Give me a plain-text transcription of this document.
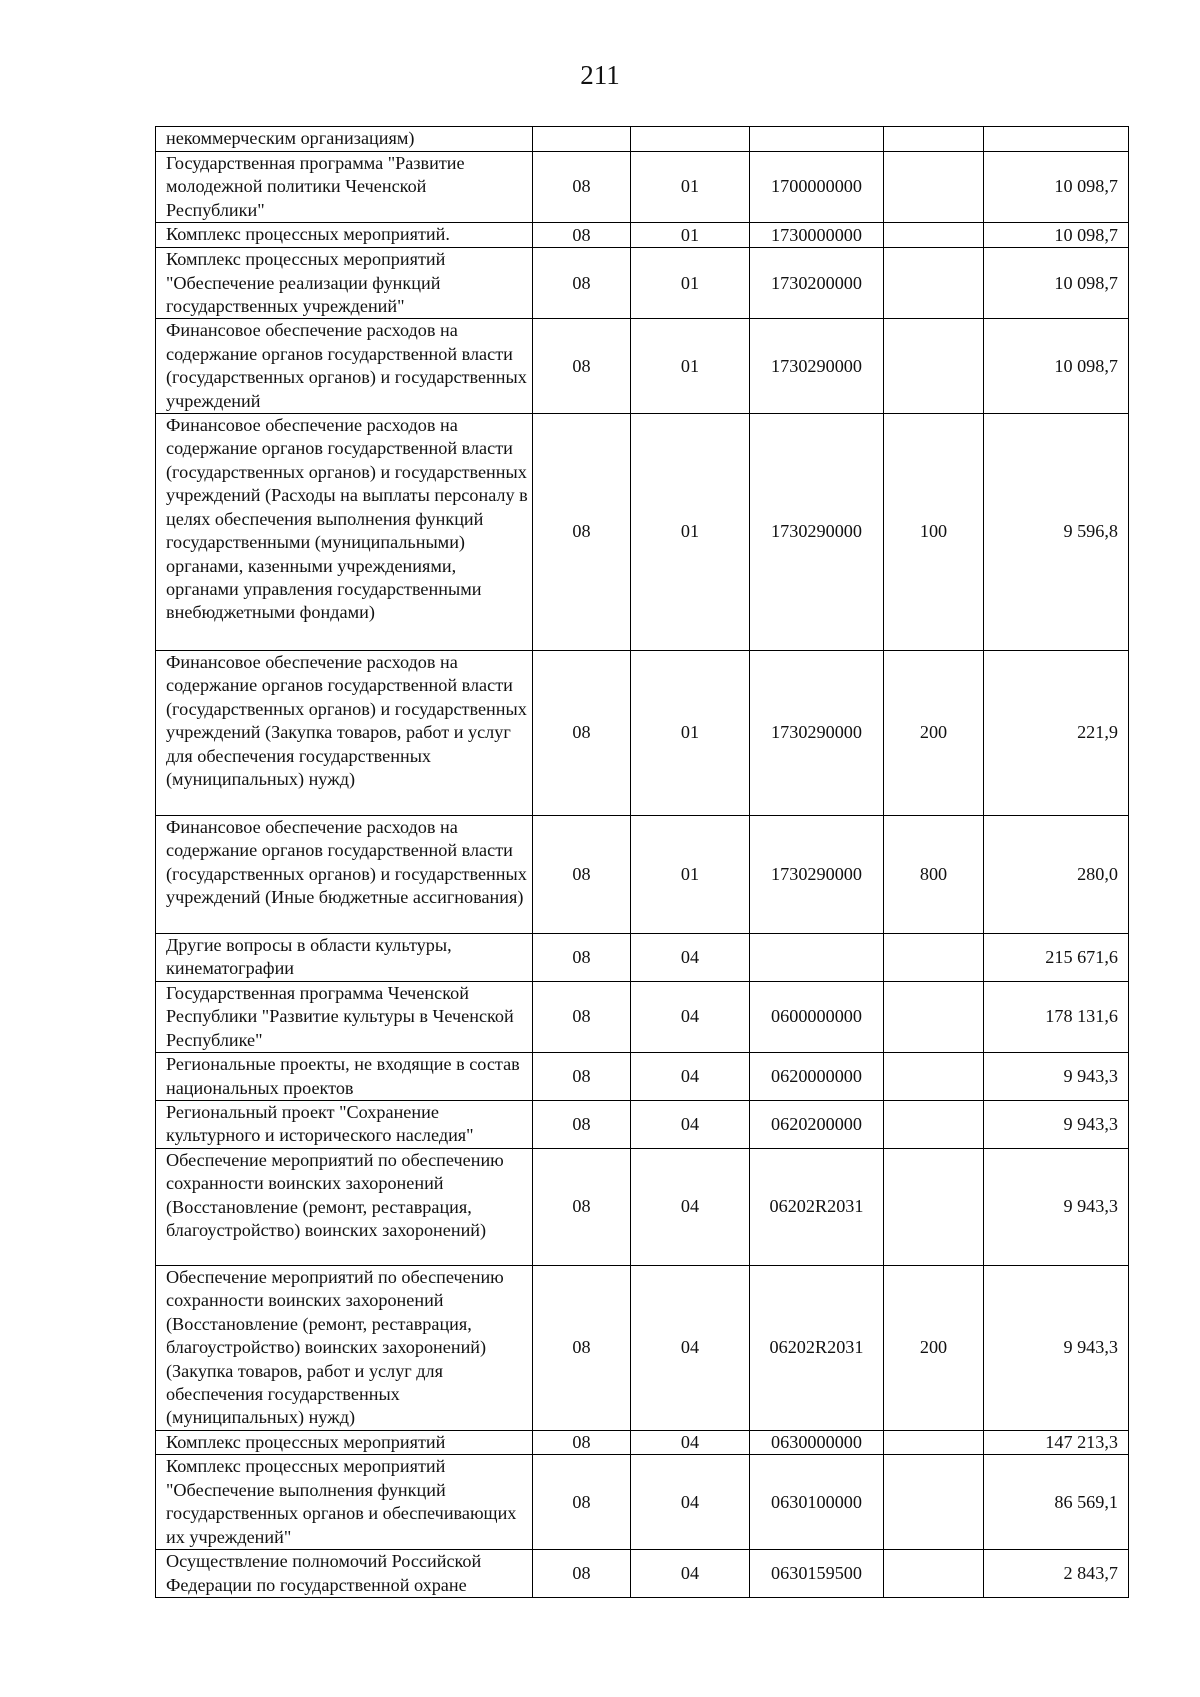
211
некоммерческим организациям)					
Государственная программа "Развитие молодежной политики Чеченской Республики"	08	01	1700000000		10 098,7
Комплекс процессных мероприятий.	08	01	1730000000		10 098,7
Комплекс процессных мероприятий "Обеспечение реализации функций государственных учреждений"	08	01	1730200000		10 098,7
Финансовое обеспечение расходов на содержание органов государственной власти (государственных органов) и государственных учреждений	08	01	1730290000		10 098,7
Финансовое обеспечение расходов на содержание органов государственной власти (государственных органов) и государственных учреждений (Расходы на выплаты персоналу в целях обеспечения выполнения функций государственными (муниципальными) органами, казенными учреждениями, органами управления государственными внебюджетными фондами)	08	01	1730290000	100	9 596,8
Финансовое обеспечение расходов на содержание органов государственной власти (государственных органов) и государственных учреждений (Закупка товаров, работ и услуг для обеспечения государственных (муниципальных) нужд)	08	01	1730290000	200	221,9
Финансовое обеспечение расходов на содержание органов государственной власти (государственных органов) и государственных учреждений (Иные бюджетные ассигнования)	08	01	1730290000	800	280,0
Другие вопросы в области культуры, кинематографии	08	04			215 671,6
Государственная программа Чеченской Республики "Развитие культуры в Чеченской Республике"	08	04	0600000000		178 131,6
Региональные проекты, не входящие в состав национальных проектов	08	04	0620000000		9 943,3
Региональный проект "Сохранение культурного и исторического наследия"	08	04	0620200000		9 943,3
Обеспечение мероприятий по обеспечению сохранности воинских захоронений (Восстановление (ремонт, реставрация, благоустройство) воинских захоронений)	08	04	06202R2031		9 943,3
Обеспечение мероприятий по обеспечению сохранности воинских захоронений (Восстановление (ремонт, реставрация, благоустройство) воинских захоронений) (Закупка товаров, работ и услуг для обеспечения государственных (муниципальных) нужд)	08	04	06202R2031	200	9 943,3
Комплекс процессных мероприятий	08	04	0630000000		147 213,3
Комплекс процессных мероприятий "Обеспечение выполнения функций государственных органов и обеспечивающих их учреждений"	08	04	0630100000		86 569,1
Осуществление полномочий Российской Федерации по государственной охране	08	04	0630159500		2 843,7
